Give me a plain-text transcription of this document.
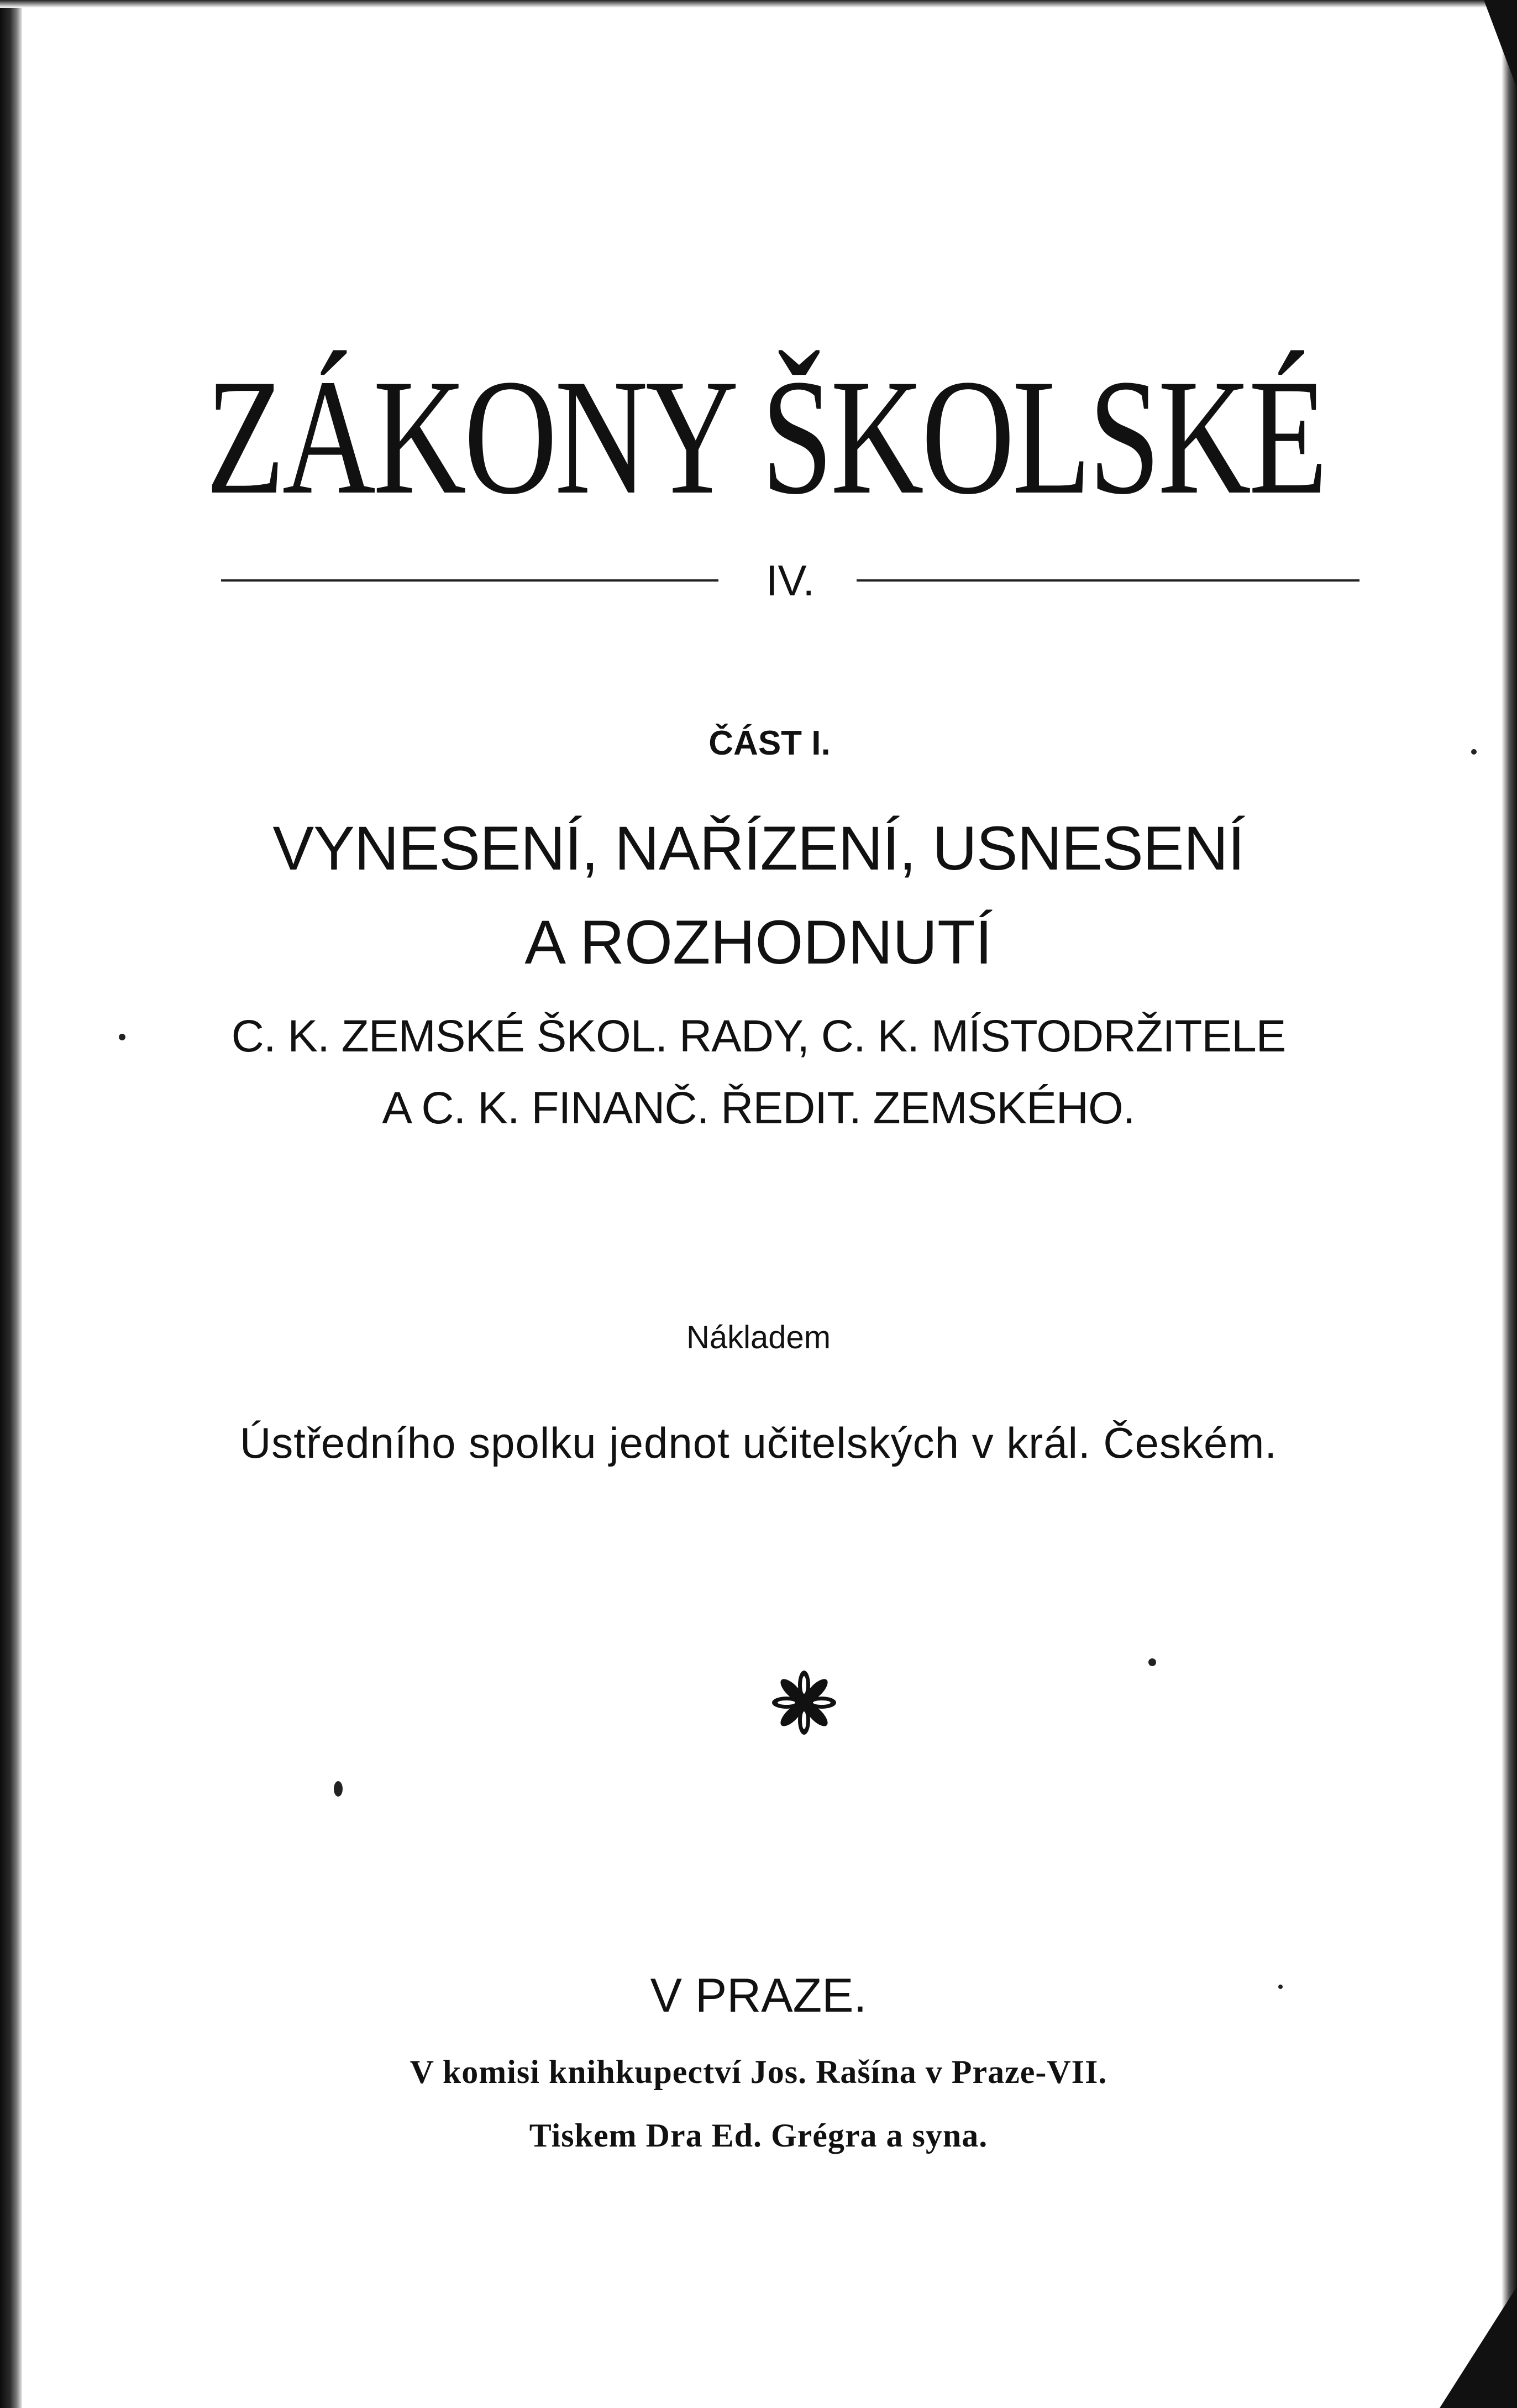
ZÁKONY ŠKOLSKÉ
IV.
ČÁST I.
VYNESENÍ, NAŘÍZENÍ, USNESENÍ
A ROZHODNUTÍ
C. K. ZEMSKÉ ŠKOL. RADY, C. K. MÍSTODRŽITELE
A C. K. FINANČ. ŘEDIT. ZEMSKÉHO.
Nákladem
Ústředního spolku jednot učitelských v král. Českém.
V PRAZE.
V komisi knihkupectví Jos. Rašína v Praze-VII.
Tiskem Dra Ed. Grégra a syna.
